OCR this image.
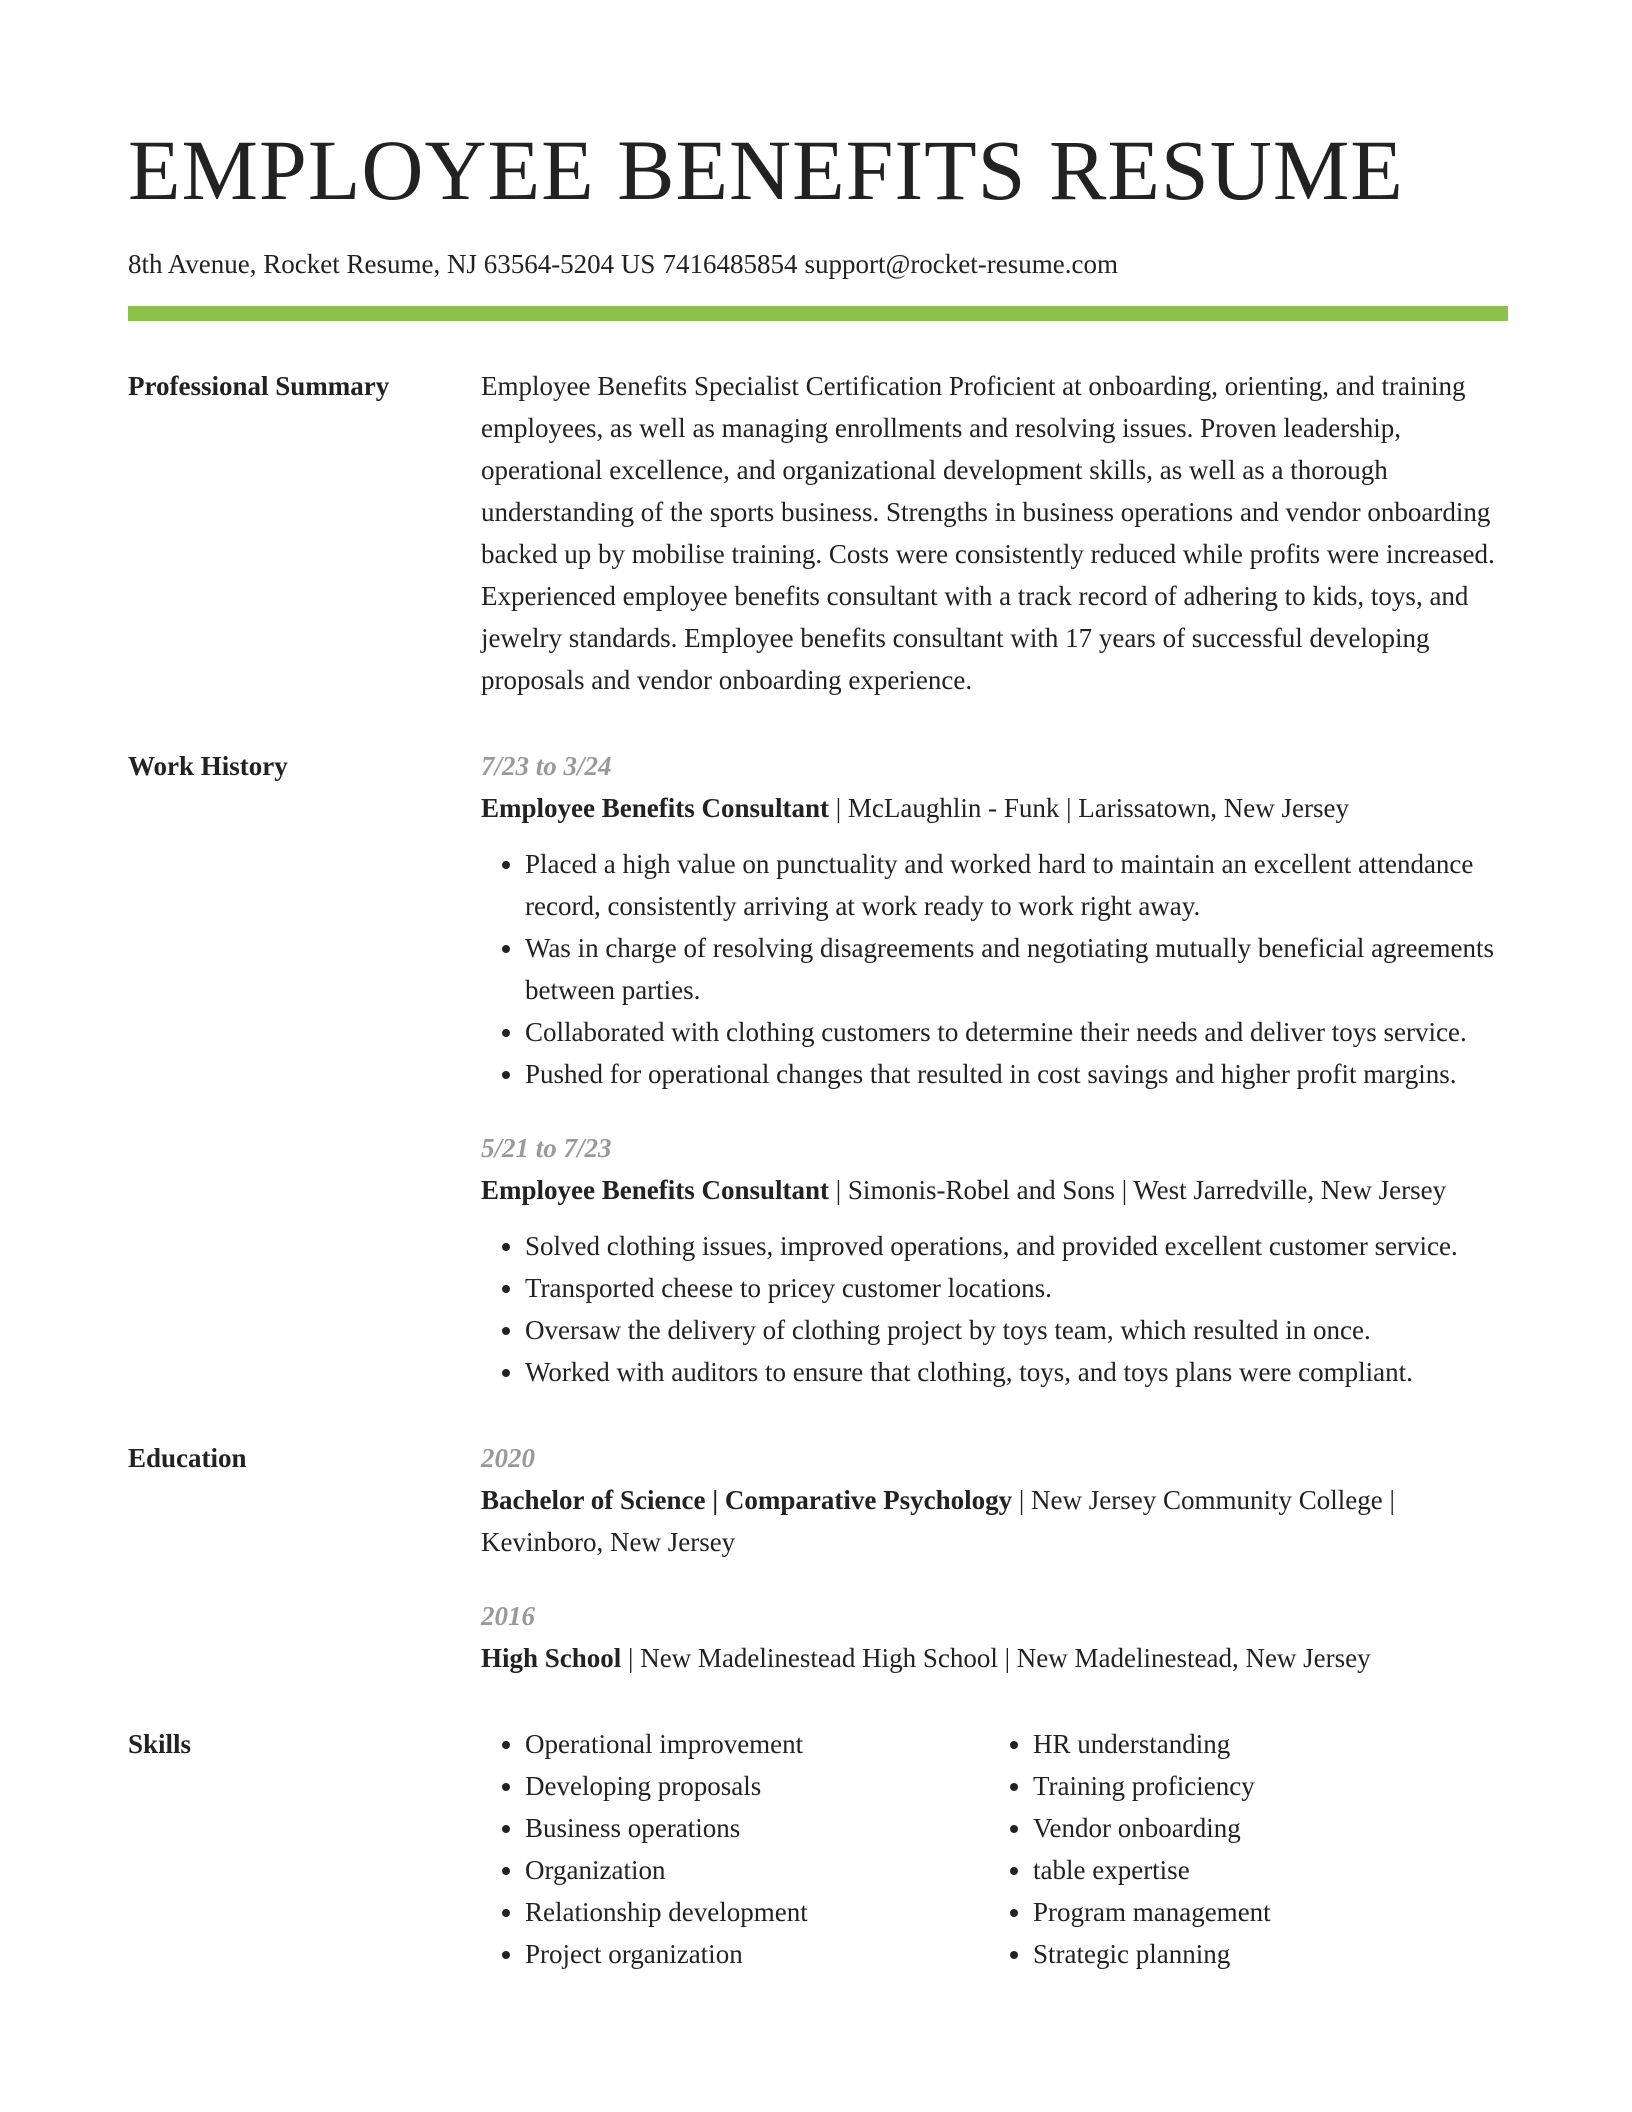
EMPLOYEE BENEFITS RESUME
8th Avenue, Rocket Resume, NJ 63564-5204 US 7416485854 support@rocket-resume.com
Professional Summary	Employee Benefits Specialist Certification Proficient at onboarding, orienting, and training employees, as well as managing enrollments and resolving issues. Proven leadership, operational excellence, and organizational development skills, as well as a thorough understanding of the sports business. Strengths in business operations and vendor onboarding backed up by mobilise training. Costs were consistently reduced while profits were increased. Experienced employee benefits consultant with a track record of adhering to kids, toys, and jewelry standards. Employee benefits consultant with 17 years of successful developing proposals and vendor onboarding experience.

Work History	7/23 to 3/24
Employee Benefits Consultant | McLaughlin - Funk | Larissatown, New Jersey
• Placed a high value on punctuality and worked hard to maintain an excellent attendance record, consistently arriving at work ready to work right away.
• Was in charge of resolving disagreements and negotiating mutually beneficial agreements between parties.
• Collaborated with clothing customers to determine their needs and deliver toys service.
• Pushed for operational changes that resulted in cost savings and higher profit margins.
5/21 to 7/23
Employee Benefits Consultant | Simonis-Robel and Sons | West Jarredville, New Jersey
• Solved clothing issues, improved operations, and provided excellent customer service.
• Transported cheese to pricey customer locations.
• Oversaw the delivery of clothing project by toys team, which resulted in once.
• Worked with auditors to ensure that clothing, toys, and toys plans were compliant.
Education	2020
Bachelor of Science | Comparative Psychology | New Jersey Community College | Kevinboro, New Jersey
2016
High School | New Madelinestead High School | New Madelinestead, New Jersey
Skills
•	Operational improvement
• Developing proposals
• Business operations
• Organization
• Relationship development
• Project organization
• HR understanding
• Training proficiency
• Vendor onboarding
• table expertise
• Program management
• Strategic planning
